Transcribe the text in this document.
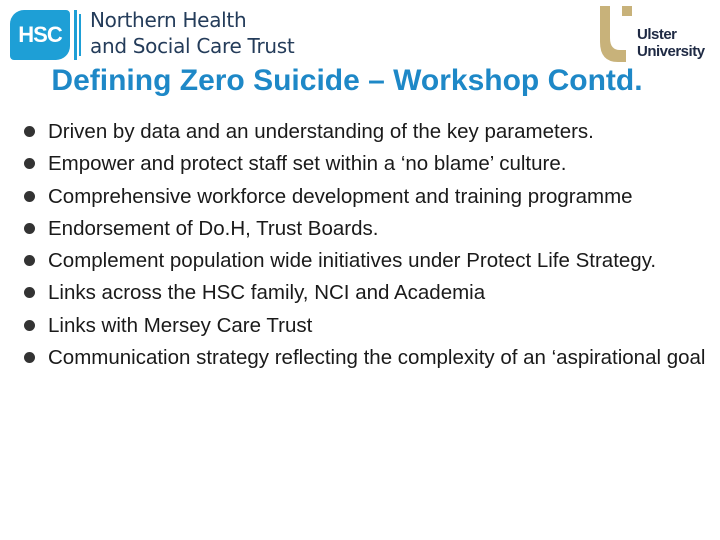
HSC
Northern Health
and Social Care Trust	Ulster
University
Defining Zero Suicide – Workshop Contd.
Driven by data and an understanding of the key parameters.
Empower and protect staff set within a ‘no blame’ culture.
Comprehensive workforce development and training programme
Endorsement of Do.H, Trust Boards.
Complement population wide initiatives under Protect Life Strategy.
Links across the HSC family, NCI and Academia
Links with Mersey Care Trust
Communication strategy reflecting the complexity of an ‘aspirational goal
